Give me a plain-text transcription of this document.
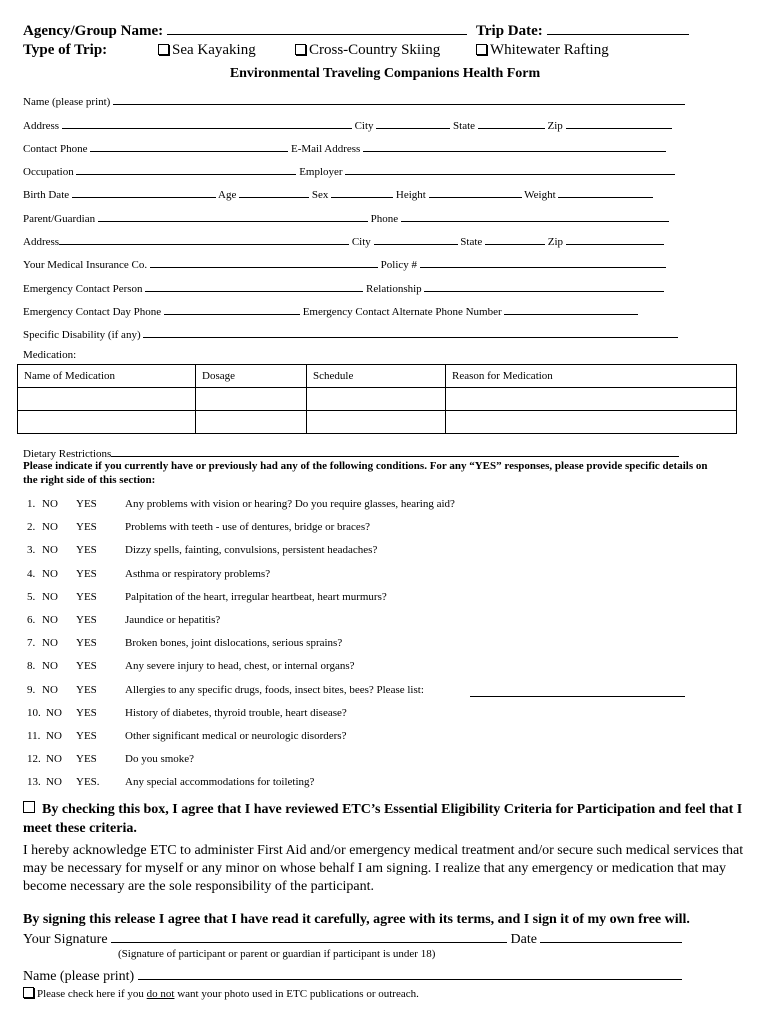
Agency/Group Name:	Trip Date:
Type of Trip:	Sea Kayaking	Cross-Country Skiing	Whitewater Rafting
Environmental Traveling Companions Health Form
Name (please print)
Address	City	State	Zip
Contact Phone	E-Mail Address
Occupation	Employer
Birth Date	Age	Sex	Height	Weight
Parent/Guardian	Phone
Address	City	State	Zip
Your Medical Insurance Co.	Policy #
Emergency Contact Person	Relationship
Emergency Contact Day Phone	Emergency Contact Alternate Phone Number
Specific Disability (if any)
Medication:
Name of Medication	Dosage	Schedule	Reason for Medication

Dietary Restrictions
Please indicate if you currently have or previously had any of the following conditions. For any “YES” responses, please provide specific details on the right side of this section:
1. NO YES	Any problems with vision or hearing? Do you require glasses, hearing aid?
2. NO YES	Problems with teeth - use of dentures, bridge or braces?
3. NO YES	Dizzy spells, fainting, convulsions, persistent headaches?
4. NO YES	Asthma or respiratory problems?
5. NO YES	Palpitation of the heart, irregular heartbeat, heart murmurs?
6. NO YES	Jaundice or hepatitis?
7. NO YES	Broken bones, joint dislocations, serious sprains?
8. NO YES	Any severe injury to head, chest, or internal organs?
9. NO YES	Allergies to any specific drugs, foods, insect bites, bees? Please list:
10. NO YES	History of diabetes, thyroid trouble, heart disease?
11. NO YES	Other significant medical or neurologic disorders?
12. NO YES	Do you smoke?
13. NO YES. Any special accommodations for toileting?
By checking this box, I agree that I have reviewed ETC’s Essential Eligibility Criteria for Participation and feel that I meet these criteria.
I hereby acknowledge ETC to administer First Aid and/or emergency medical treatment and/or secure such medical services that may be necessary for myself or any minor on whose behalf I am signing. I realize that any emergency or medication that may become necessary are the sole responsibility of the participant.
By signing this release I agree that I have read it carefully, agree with its terms, and I sign it of my own free will.
Your Signature	Date
(Signature of participant or parent or guardian if participant is under 18)
Name (please print)
Please check here if you do not want your photo used in ETC publications or outreach.
